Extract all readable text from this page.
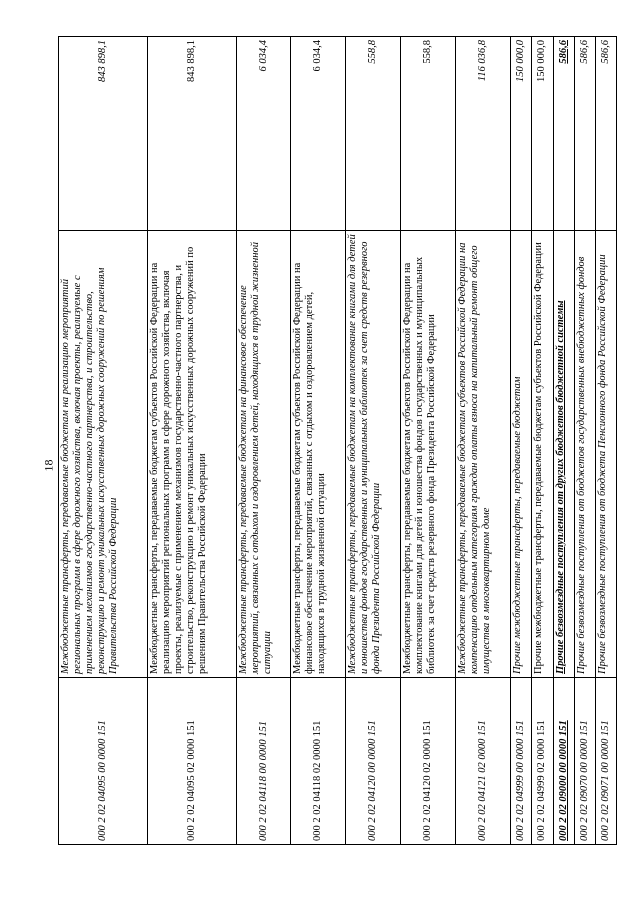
18
000 2 02 04095 00 0000 151	Межбюджетные трансферты, передаваемые бюджетам на реализацию мероприятий региональных программ в сфере дорожного хозяйства, включая проекты, реализуемые с применением механизмов государственно-частного партнерства, и строительство, реконструкцию и ремонт уникальных искусственных дорожных сооружений по решениям Правительства Российской Федерации	843 898,1
000 2 02 04095 02 0000 151	Межбюджетные трансферты, передаваемые бюджетам субъектов Российской Федерации на реализацию мероприятий региональных программ в сфере дорожного хозяйства, включая проекты, реализуемые с применением механизмов государственно-частного партнерства, и строительство, реконструкцию и ремонт уникальных искусственных дорожных сооружений по решениям Правительства Российской Федерации	843 898,1
000 2 02 04118 00 0000 151	Межбюджетные трансферты, передаваемые бюджетам на финансовое обеспечение мероприятий, связанных с отдыхом и оздоровлением детей, находящихся в трудной жизненной ситуации	6 034,4
000 2 02 04118 02 0000 151	Межбюджетные трансферты, передаваемые бюджетам субъектов Российской Федерации на финансовое обеспечение мероприятий, связанных с отдыхом и оздоровлением детей, находящихся в трудной жизненной ситуации	6 034,4
000 2 02 04120 00 0000 151	Межбюджетные трансферты, передаваемые бюджетам на комплектование книгами для детей и юношества фондов государственных и муниципальных библиотек за счет средств резервного фонда Президента Российской Федерации	558,8
000 2 02 04120 02 0000 151	Межбюджетные трансферты, передаваемые бюджетам субъектов Российской Федерации на комплектование книгами для детей и юношества фондов государственных и муниципальных библиотек за счет средств резервного фонда Президента Российской Федерации	558,8
000 2 02 04121 02 0000 151	Межбюджетные трансферты, передаваемые бюджетам субъектов Российской Федерации на компенсацию отдельным категориям граждан оплаты взноса на капитальный ремонт общего имущества в многоквартирном доме	116 036,8
000 2 02 04999 00 0000 151	Прочие межбюджетные трансферты, передаваемые бюджетам	150 000,0
000 2 02 04999 02 0000 151	Прочие межбюджетные трансферты, передаваемые бюджетам субъектов Российской Федерации	150 000,0
000 2 02 09000 00 0000 151	Прочие безвозмездные поступления от других бюджетов бюджетной системы	586,6
000 2 02 09070 00 0000 151	Прочие безвозмездные поступления от бюджетов государственных внебюджетных фондов	586,6
000 2 02 09071 00 0000 151	Прочие безвозмездные поступления от бюджета Пенсионного фонда Российской Федерации	586,6
